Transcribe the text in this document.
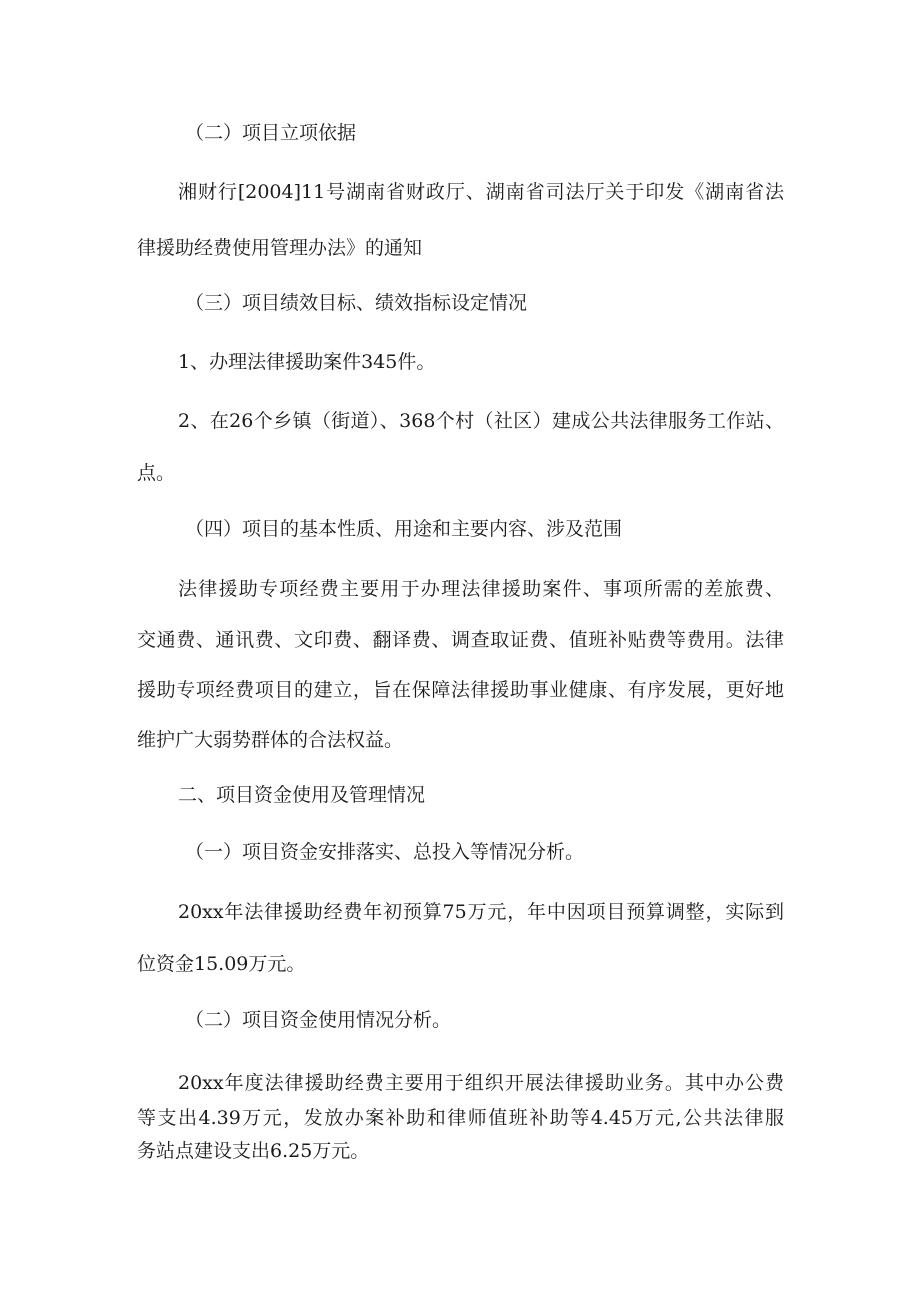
（二）项目立项依据

湘财行[2004]11号湖南省财政厅、湖南省司法厅关于印发《湖南省法

律援助经费使用管理办法》的通知

（三）项目绩效目标、绩效指标设定情况

1、办理法律援助案件345件。

2、在26个乡镇（街道）、368个村（社区）建成公共法律服务工作站、

点。

（四）项目的基本性质、用途和主要内容、涉及范围

法律援助专项经费主要用于办理法律援助案件、事项所需的差旅费、

交通费、通讯费、文印费、翻译费、调查取证费、值班补贴费等费用。法律

援助专项经费项目的建立，旨在保障法律援助事业健康、有序发展，更好地

维护广大弱势群体的合法权益。

二、项目资金使用及管理情况

（一）项目资金安排落实、总投入等情况分析。

20xx年法律援助经费年初预算75万元，年中因项目预算调整，实际到

位资金15.09万元。

（二）项目资金使用情况分析。

20xx年度法律援助经费主要用于组织开展法律援助业务。其中办公费

等支出4.39万元，发放办案补助和律师值班补助等4.45万元,公共法律服

务站点建设支出6.25万元。
